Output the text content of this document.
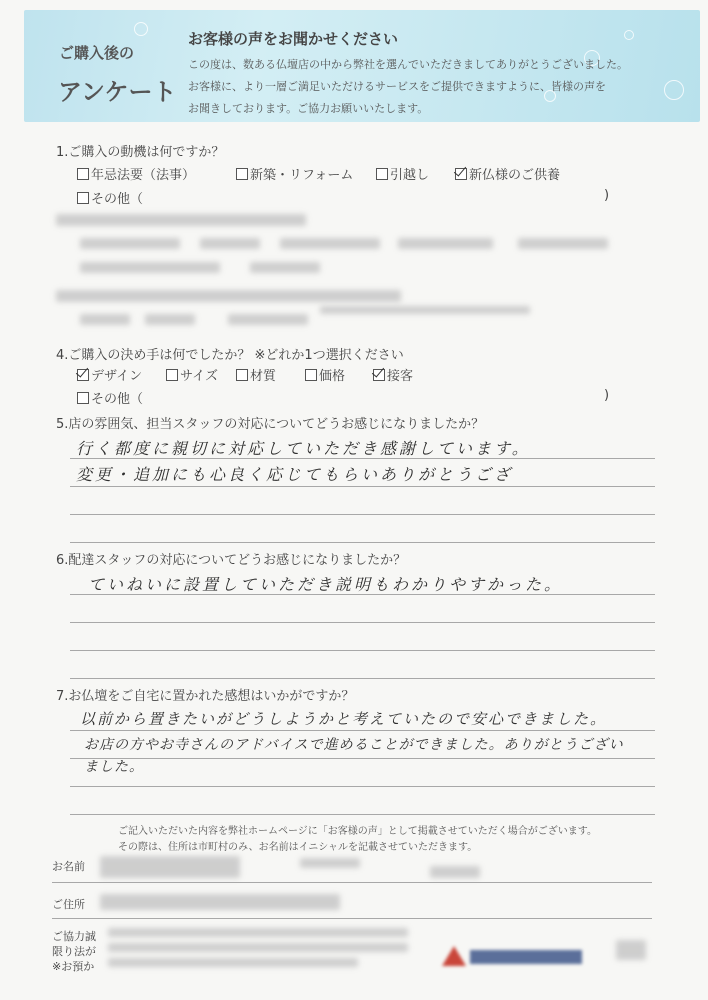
ご購入後の
アンケート
お客様の声をお聞かせください
この度は、数ある仏壇店の中から弊社を選んでいただきましてありがとうございました。
お客様に、より一層ご満足いただけるサービスをご提供できますように、皆様の声を
お聞きしております。ご協力お願いいたします。
1.ご購入の動機は何ですか？
年忌法要（法事）	新築・リフォーム	引越し	新仏様のご供養
その他（	)
4.ご購入の決め手は何でしたか？ ※どれか1つ選択ください
デザイン	サイズ	材質	価格	接客
その他（	)
5.店の雰囲気、担当スタッフの対応についてどうお感じになりましたか？
行く都度に親切に対応していただき感謝しています。
変更・追加にも心良く応じてもらいありがとうござ
6.配達スタッフの対応についてどうお感じになりましたか？
ていねいに設置していただき説明もわかりやすかった。
7.お仏壇をご自宅に置かれた感想はいかがですか？
以前から置きたいがどうしようかと考えていたので安心できました。
お店の方やお寺さんのアドバイスで進めることができました。ありがとうござい
ました。
ご記入いただいた内容を弊社ホームページに「お客様の声」として掲載させていただく場合がございます。
その際は、住所は市町村のみ、お名前はイニシャルを記載させていただきます。
お名前
ご住所
ご協力誠
限り法が
※お預か
